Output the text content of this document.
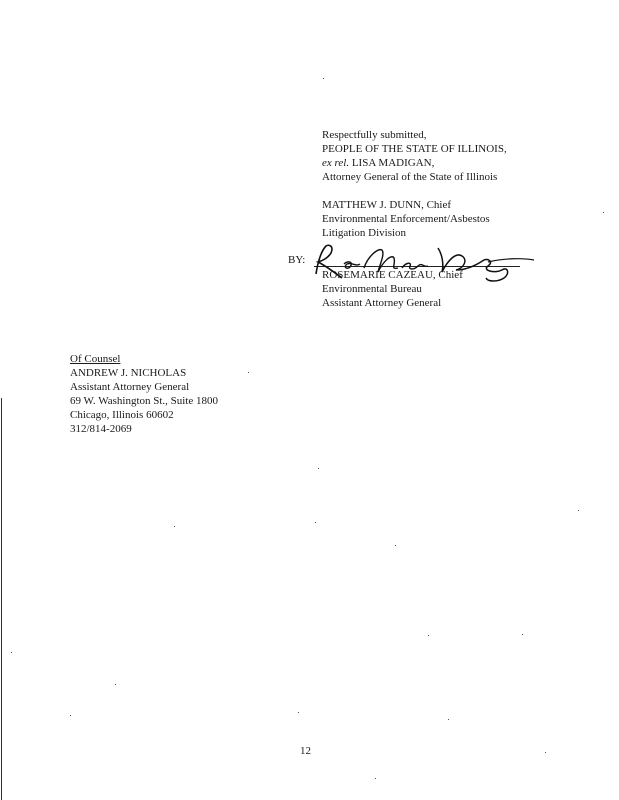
Respectfully submitted,
PEOPLE OF THE STATE OF ILLINOIS,
ex rel. LISA MADIGAN,
Attorney General of the State of Illinois
MATTHEW J. DUNN, Chief
Environmental Enforcement/Asbestos
Litigation Division
ROSEMARIE CAZEAU, Chief
Environmental Bureau
Assistant Attorney General
BY:
Of Counsel
ANDREW J. NICHOLAS
Assistant Attorney General
69 W. Washington St., Suite 1800
Chicago, Illinois 60602
312/814-2069
12
